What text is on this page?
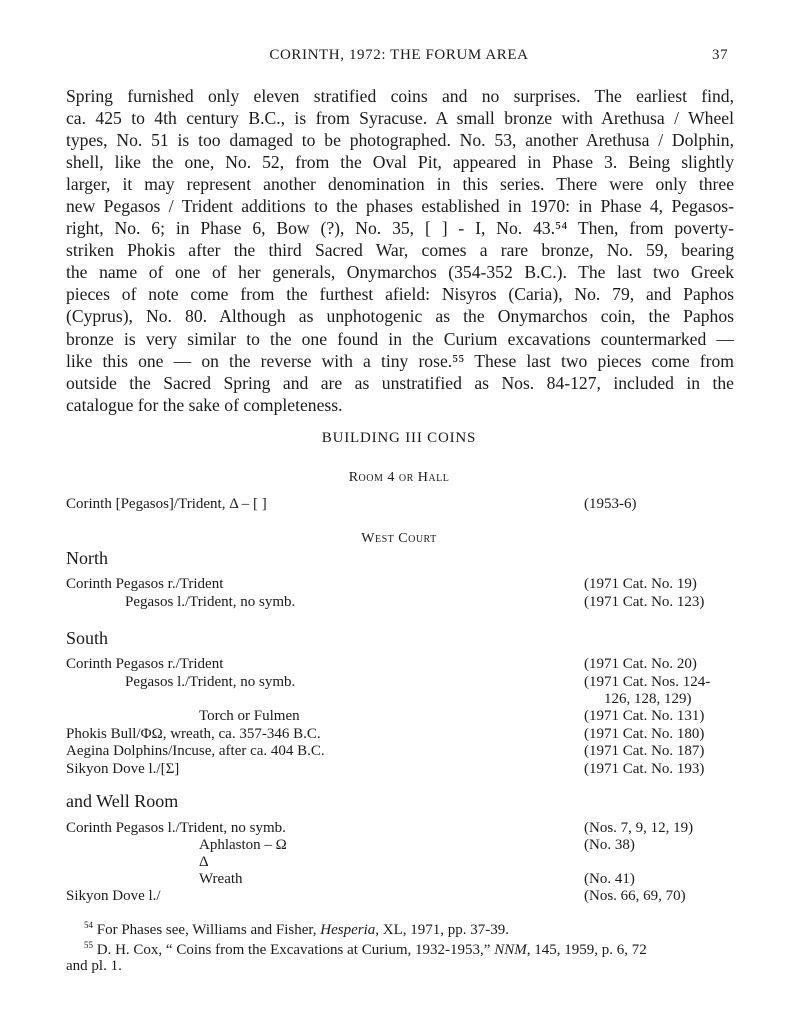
CORINTH, 1972: THE FORUM AREA	37
Spring furnished only eleven stratified coins and no surprises. The earliest find,
ca. 425 to 4th century B.C., is from Syracuse. A small bronze with Arethusa / Wheel
types, No. 51 is too damaged to be photographed. No. 53, another Arethusa / Dolphin,
shell, like the one, No. 52, from the Oval Pit, appeared in Phase 3. Being slightly
larger, it may represent another denomination in this series. There were only three
new Pegasos / Trident additions to the phases established in 1970: in Phase 4, Pegasos-
right, No. 6; in Phase 6, Bow (?), No. 35, [ ] - I, No. 43.⁵⁴ Then, from poverty-
striken Phokis after the third Sacred War, comes a rare bronze, No. 59, bearing
the name of one of her generals, Onymarchos (354-352 B.C.). The last two Greek
pieces of note come from the furthest afield: Nisyros (Caria), No. 79, and Paphos
(Cyprus), No. 80. Although as unphotogenic as the Onymarchos coin, the Paphos
bronze is very similar to the one found in the Curium excavations countermarked —
like this one — on the reverse with a tiny rose.⁵⁵ These last two pieces come from
outside the Sacred Spring and are as unstratified as Nos. 84-127, included in the
catalogue for the sake of completeness.
BUILDING III COINS
Room 4 or Hall
Corinth [Pegasos]/Trident, Δ – [ ]	(1953-6)
West Court
North
Corinth Pegasos r./Trident	(1971 Cat. No. 19)
Pegasos l./Trident, no symb.	(1971 Cat. No. 123)
South
Corinth Pegasos r./Trident	(1971 Cat. No. 20)
Pegasos l./Trident, no symb.	(1971 Cat. Nos. 124-
126, 128, 129)
Torch or Fulmen	(1971 Cat. No. 131)
Phokis Bull/ΦΩ, wreath, ca. 357-346 B.C.	(1971 Cat. No. 180)
Aegina Dolphins/Incuse, after ca. 404 B.C.	(1971 Cat. No. 187)
Sikyon Dove l./[Σ]	(1971 Cat. No. 193)
and Well Room
Corinth Pegasos l./Trident, no symb.	(Nos. 7, 9, 12, 19)
Aphlaston – Ω	(No. 38)
Δ
Wreath	(No. 41)
Sikyon Dove l./	(Nos. 66, 69, 70)
$^{54}$ For Phases see, Williams and Fisher, Hesperia, XL, 1971, pp. 37-39.
$^{55}$ D. H. Cox, “ Coins from the Excavations at Curium, 1932-1953,” NNM, 145, 1959, p. 6, 72
and pl. 1.
